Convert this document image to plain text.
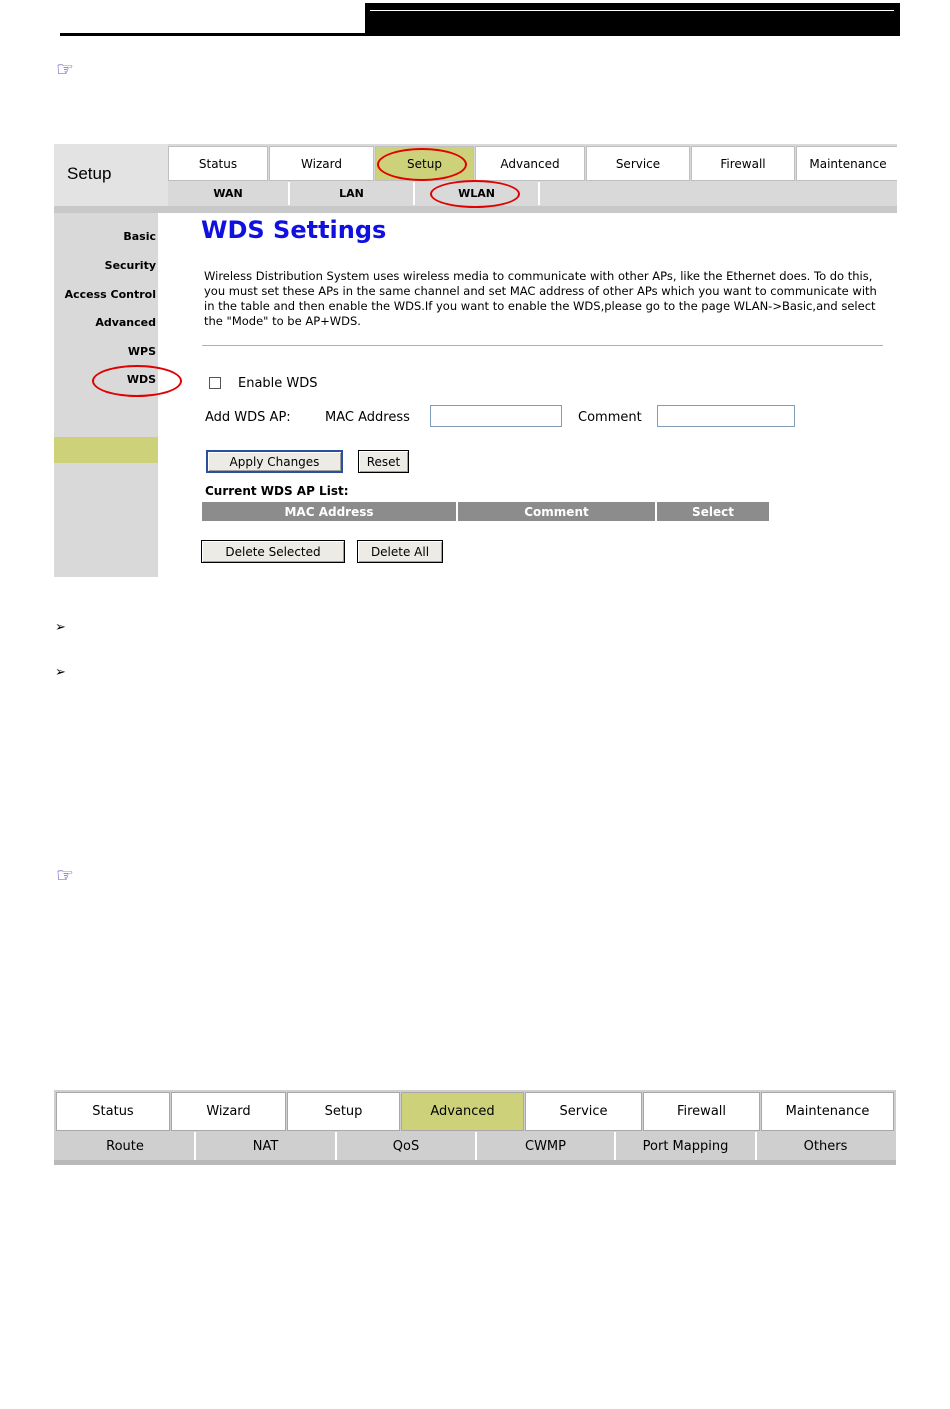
☞
Setup
Status	Wizard	Setup	Advanced	Service	Firewall	Maintenance
WAN	LAN	WLAN
Basic
Security
Access Control
Advanced
WPS
WDS
WDS Settings
Wireless Distribution System uses wireless media to communicate with other APs, like the Ethernet does. To do this, you must set these APs in the same channel and set MAC address of other APs which you want to communicate with in the table and then enable the WDS.If you want to enable the WDS,please go to the page WLAN->Basic,and select the "Mode" to be AP+WDS.
Enable WDS
Add WDS AP:	MAC Address	Comment
Apply Changes	Reset
Current WDS AP List:
MAC Address	Comment	Select
Delete Selected	Delete All
➢
➢
☞
Status	Wizard	Setup	Advanced	Service	Firewall	Maintenance
Route	NAT	QoS	CWMP	Port Mapping	Others
